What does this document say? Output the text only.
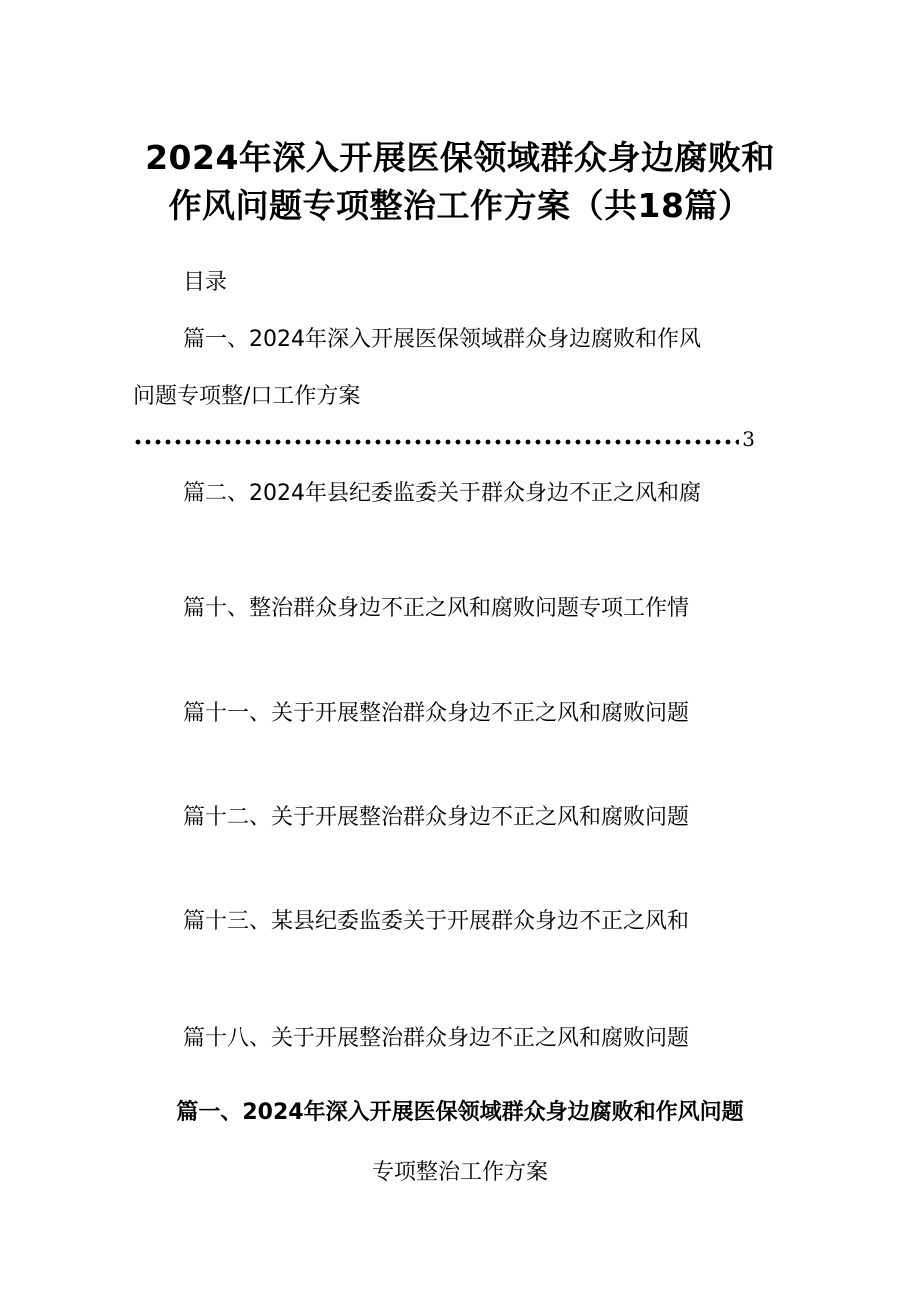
2024年深入开展医保领域群众身边腐败和
作风问题专项整治工作方案（共18篇）
目录
篇一、2024年深入开展医保领域群众身边腐败和作风
问题专项整/口工作方案
3
篇二、2024年县纪委监委关于群众身边不正之风和腐
篇十、整治群众身边不正之风和腐败问题专项工作情
篇十一、关于开展整治群众身边不正之风和腐败问题
篇十二、关于开展整治群众身边不正之风和腐败问题
篇十三、某县纪委监委关于开展群众身边不正之风和
篇十八、关于开展整治群众身边不正之风和腐败问题
篇一、2024年深入开展医保领域群众身边腐败和作风问题
专项整治工作方案
